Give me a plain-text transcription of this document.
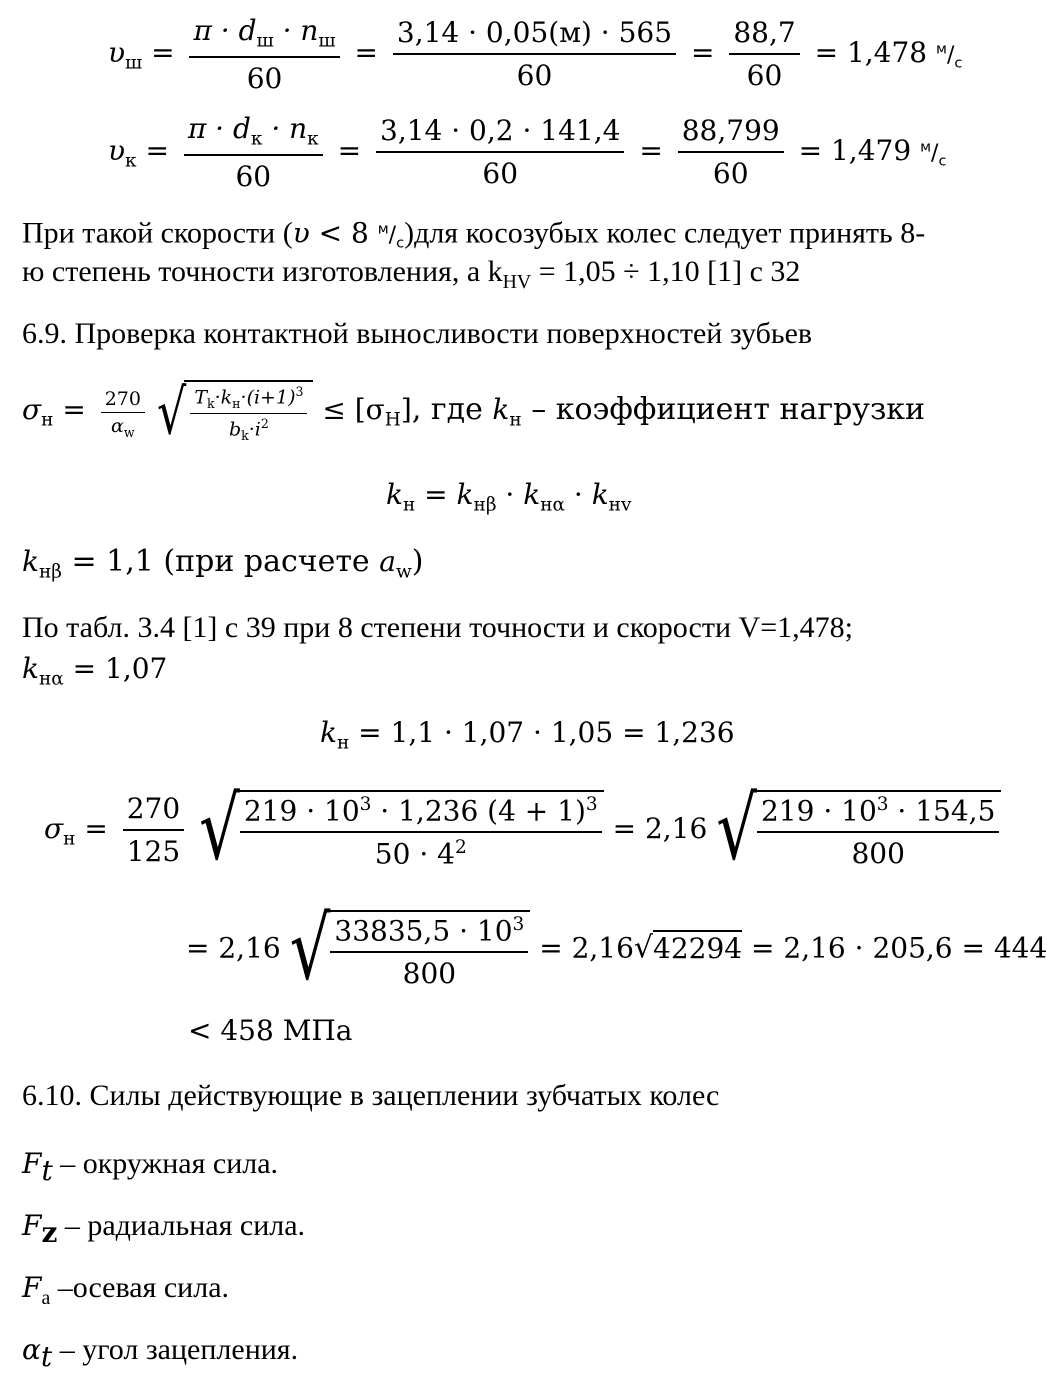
$\upsilon_ш$ =
$\pi \cdot d_ш \cdot n_ш$
60
=
3,14 · 0,05(м) · 565
60
= $\frac{88,7}{60} = 1,478$ $^м/_с$
$\upsilon_к$ =
$\pi \cdot d_к \cdot n_к$
60
= $\frac{3,14 \cdot 0,2 \cdot 141,4}{60} = \frac{88,799}{60} = 1,479$ $^м/_с$
При такой скорости (υ < 8 $^м/_с)для$ косозубых колес следует принять 8-
ю степень точности изготовления, а $k_{HV} = 1,05 \div 1,10$ [1] с 32
6.9. Проверка контактной выносливости поверхностей зубьев
$\sigma_н = \frac{270}{\alpha_w}$ √ $T_k\cdot k_н\cdot(i+1)^3$
$b_k\cdot i^2$	≤ $[\sigma_H]$, где $k_н$ – коэффициент нагрузки
$k_н = k_{н\beta} \cdot k_{н\alpha} \cdot k_{нv}$
$k_{н\beta} = 1,1$ (при расчете $a_w$)
По табл. 3.4 [1] с 39 при 8 степени точности и скорости V=1,478;
$k_{н\alpha} = 1,07$
$k_н = 1,1 \cdot 1,07 \cdot 1,05 = 1,236$
$\sigma_н = \frac{270}{125}$ √ $\frac{219 \cdot 10^3 \cdot 1,236 (4 + 1)^3}{50 \cdot 4^2} = 2,16$ √ $\frac{219 \cdot 10^3 \cdot 154,5}{800}$
= 2,16 √ $\frac{33835,5 \cdot 10^3}{800} = 2,16√42294 = 2,16 \cdot 205,6 = 444$
< 458 МПа
6.10. Силы действующие в зацеплении зубчатых колес
$F_t$ – окружная сила.
$F_z$ – радиальная сила.
$F_a$ –осевая сила.
$\alpha_t$ – угол зацепления.
